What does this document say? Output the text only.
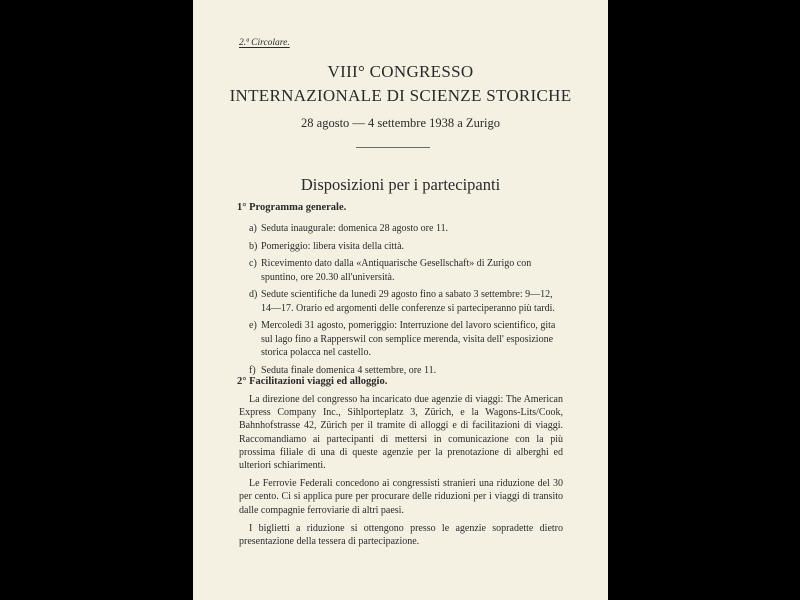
2.ª Circolare.
VIII° CONGRESSO
INTERNAZIONALE DI SCIENZE STORICHE
28 agosto — 4 settembre 1938 a Zurigo
Disposizioni per i partecipanti
1° Programma generale.
a) Seduta inaugurale: domenica 28 agosto ore 11.
b) Pomeriggio: libera visita della città.
c) Ricevimento dato dalla «Antiquarische Gesellschaft» di Zurigo con spuntino, ore 20.30 all'università.
d) Sedute scientifiche da lunedì 29 agosto fino a sabato 3 settembre: 9—12, 14—17. Orario ed argomenti delle conferenze si parteciperanno più tardi.
e) Mercoledì 31 agosto, pomeriggio: Interruzione del lavoro scientifico, gita sul lago fino a Rapperswil con semplice merenda, visita dell' esposizione storica polacca nel castello.
f) Seduta finale domenica 4 settembre, ore 11.
2° Facilitazioni viaggi ed alloggio.

La direzione del congresso ha incaricato due agenzie di viaggi: The American Express Company Inc., Sihlporteplatz 3, Zürich, e la Wagons-Lits/Cook, Bahnhofstrasse 42, Zürich per il tramite di alloggi e di facilitazioni di viaggi. Raccomandiamo ai partecipanti di mettersi in comunicazione con la più prossima filiale di una di queste agenzie per la prenotazione di alberghi ed ulteriori schiarimenti.

Le Ferrovie Federali concedono ai congressisti stranieri una riduzione del 30 per cento. Ci si applica pure per procurare delle riduzioni per i viaggi di transito dalle compagnie ferroviarie di altri paesi.

I biglietti a riduzione si ottengono presso le agenzie sopradette dietro presentazione della tessera di partecipazione.
